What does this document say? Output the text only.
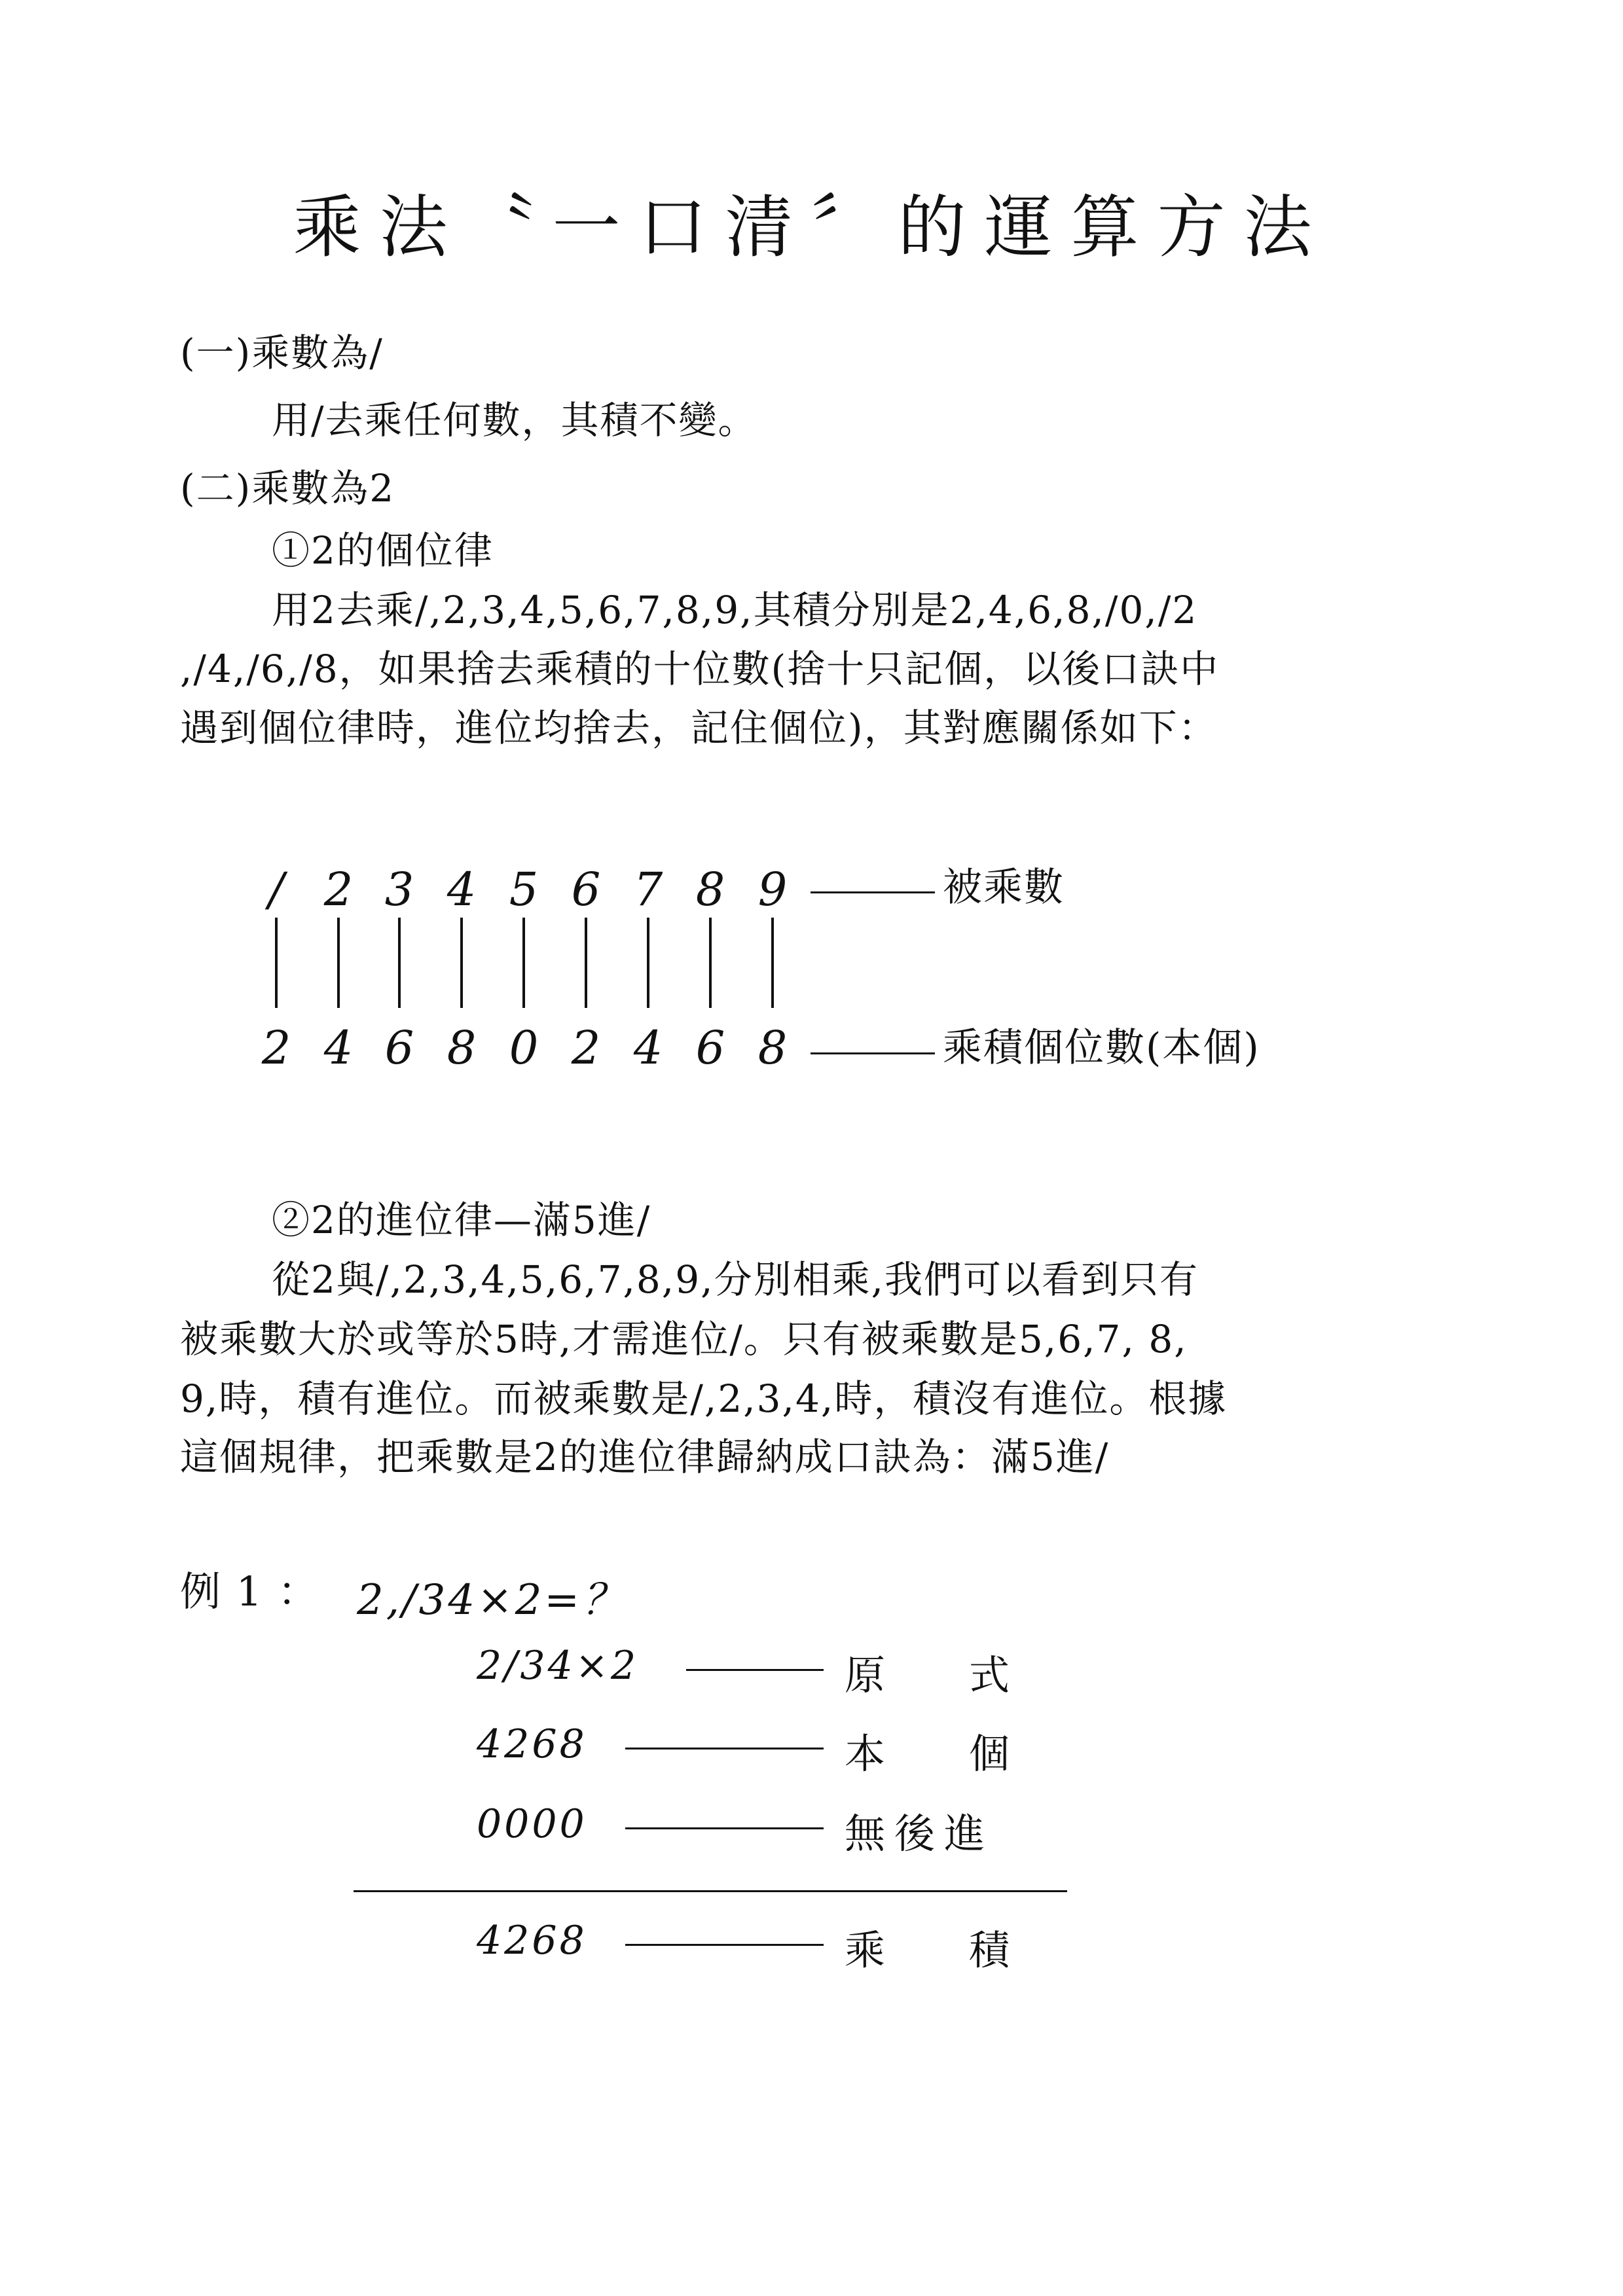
乘法〝一口清〞的運算方法
(一)乘數為/
用/去乘任何數，其積不變。
(二)乘數為2
①2的個位律
用2去乘/,2,3,4,5,6,7,8,9,其積分別是2,4,6,8,/0,/2
,/4,/6,/8，如果捨去乘積的十位數(捨十只記個，以後口訣中
遇到個位律時，進位均捨去，記住個位)，其對應關係如下：
/ 2 3 4 5 6 7 8 9	被乘數
2 4 6 8 0 2 4 6 8	乘積個位數(本個)
②2的進位律—滿5進/
從2與/,2,3,4,5,6,7,8,9,分別相乘,我們可以看到只有
被乘數大於或等於5時,才需進位/。只有被乘數是5,6,7, 8,
9,時，積有進位。而被乘數是/,2,3,4,時，積沒有進位。根據
這個規律，把乘數是2的進位律歸納成口訣為：滿5進/
例 1 ： 2,/34×2=？
2/34×2	原 式
4268	本 個
0000	無後進
4268	乘 積
